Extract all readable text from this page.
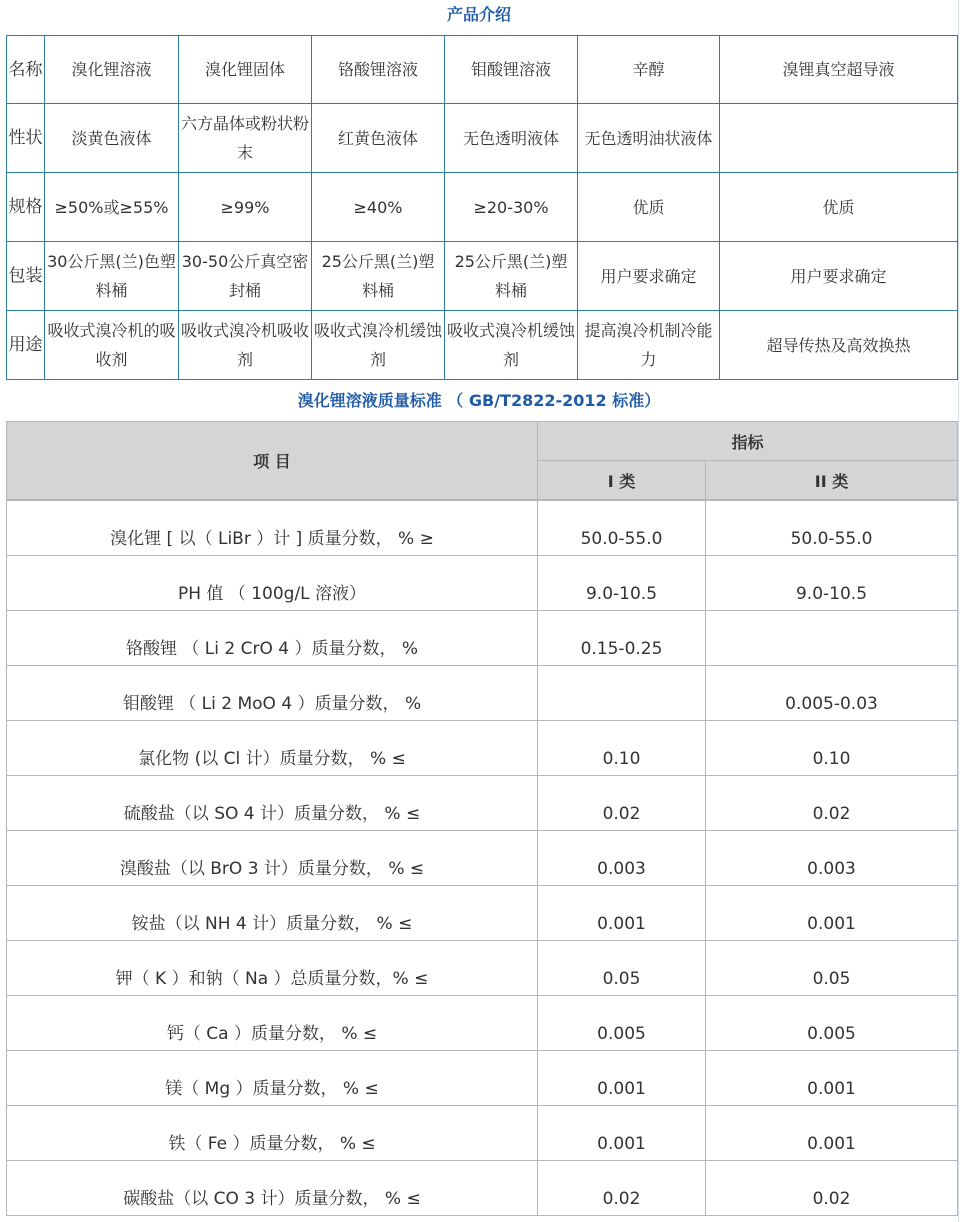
产品介绍
名称	溴化锂溶液	溴化锂固体	铬酸锂溶液	钼酸锂溶液	辛醇	溴锂真空超导液
性状	淡黄色液体	六方晶体或粉状粉末	红黄色液体	无色透明液体	无色透明油状液体	
规格	≥50%或≥55%	≥99%	≥40%	≥20-30%	优质	优质
包装	30公斤黑(兰)色塑料桶	30-50公斤真空密封桶	25公斤黑(兰)塑料桶	25公斤黑(兰)塑料桶	用户要求确定	用户要求确定
用途	吸收式溴冷机的吸收剂	吸收式溴冷机吸收剂	吸收式溴冷机缓蚀剂	吸收式溴冷机缓蚀剂	提高溴冷机制冷能力	超导传热及高效换热
溴化锂溶液质量标准 （ GB/T2822-2012 标准）
项 目	指标	
	I 类	II 类

溴化锂 [ 以（ LiBr ）计 ] 质量分数， % ≥	50.0-55.0	50.0-55.0
PH 值 （ 100g/L 溶液）	9.0-10.5	9.0-10.5
铬酸锂 （ Li 2 CrO 4 ）质量分数， %	0.15-0.25	
钼酸锂 （ Li 2 MoO 4 ）质量分数， %		0.005-0.03
氯化物 (以 Cl 计）质量分数， % ≤	0.10	0.10
硫酸盐（以 SO 4 计）质量分数， % ≤	0.02	0.02
溴酸盐（以 BrO 3 计）质量分数， % ≤	0.003	0.003
铵盐（以 NH 4 计）质量分数， % ≤	0.001	0.001
钾（ K ）和钠（ Na ）总质量分数，% ≤	0.05	0.05
钙（ Ca ）质量分数， % ≤	0.005	0.005
镁（ Mg ）质量分数， % ≤	0.001	0.001
铁（ Fe ）质量分数， % ≤	0.001	0.001
碳酸盐（以 CO 3 计）质量分数， % ≤	0.02	0.02
